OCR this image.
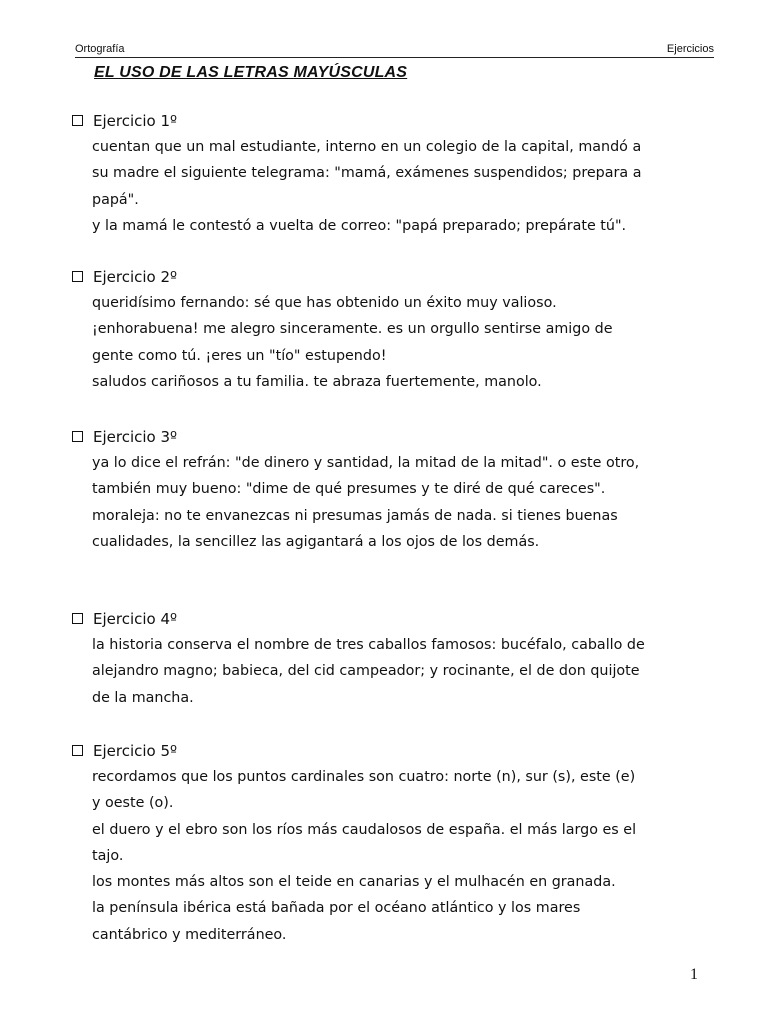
Ortografía	Ejercicios
EL USO DE LAS LETRAS MAYÚSCULAS
Ejercicio 1º
cuentan que un mal estudiante, interno en un colegio de la capital, mandó a
su madre el siguiente telegrama: "mamá, exámenes suspendidos; prepara a
papá".
y la mamá le contestó a vuelta de correo: "papá preparado; prepárate tú".
Ejercicio 2º
queridísimo fernando: sé que has obtenido un éxito muy valioso.
¡enhorabuena! me alegro sinceramente. es un orgullo sentirse amigo de
gente como tú. ¡eres un "tío" estupendo!
saludos cariñosos a tu familia. te abraza fuertemente, manolo.
Ejercicio 3º
ya lo dice el refrán: "de dinero y santidad, la mitad de la mitad". o este otro,
también muy bueno: "dime de qué presumes y te diré de qué careces".
moraleja: no te envanezcas ni presumas jamás de nada. si tienes buenas
cualidades, la sencillez las agigantará a los ojos de los demás.
Ejercicio 4º
la historia conserva el nombre de tres caballos famosos: bucéfalo, caballo de
alejandro magno; babieca, del cid campeador; y rocinante, el de don quijote
de la mancha.
Ejercicio 5º
recordamos que los puntos cardinales son cuatro: norte (n), sur (s), este (e)
y oeste (o).
el duero y el ebro son los ríos más caudalosos de españa. el más largo es el
tajo.
los montes más altos son el teide en canarias y el mulhacén en granada.
la península ibérica está bañada por el océano atlántico y los mares
cantábrico y mediterráneo.
1
